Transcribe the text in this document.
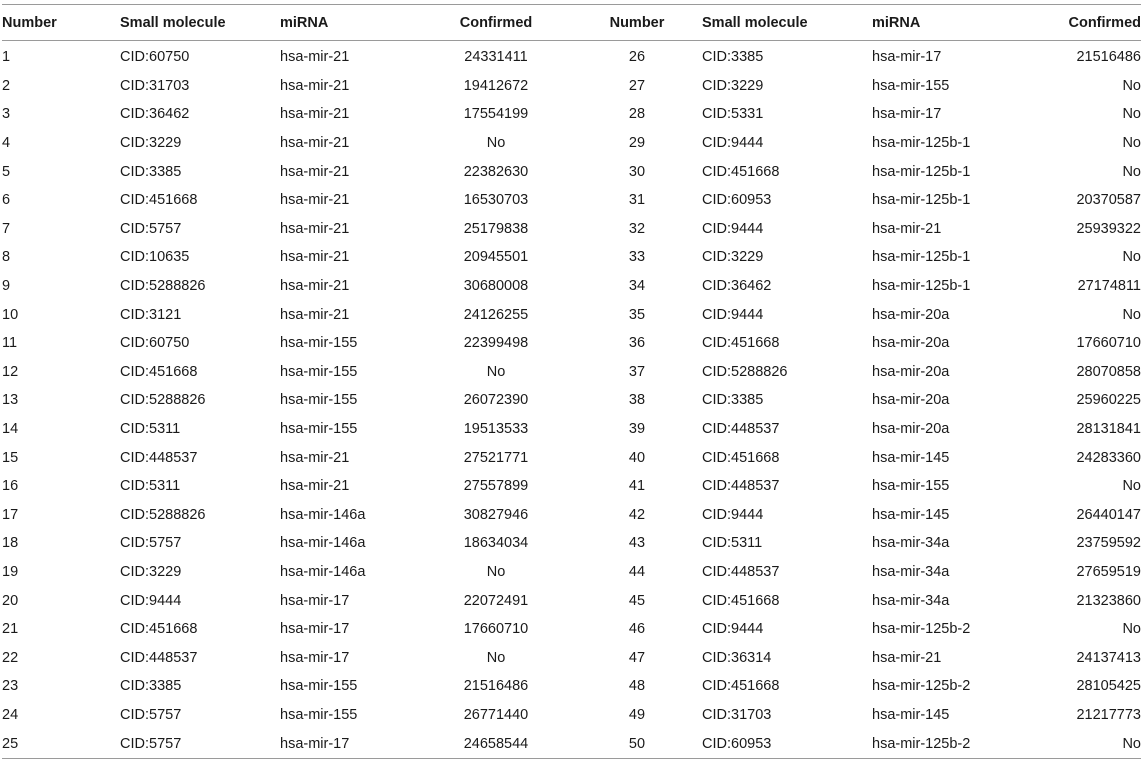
Number	Small molecule	miRNA	Confirmed	Number	Small molecule	miRNA	Confirmed
1	CID:60750	hsa-mir-21	24331411	26	CID:3385	hsa-mir-17	21516486
2	CID:31703	hsa-mir-21	19412672	27	CID:3229	hsa-mir-155	No
3	CID:36462	hsa-mir-21	17554199	28	CID:5331	hsa-mir-17	No
4	CID:3229	hsa-mir-21	No	29	CID:9444	hsa-mir-125b-1	No
5	CID:3385	hsa-mir-21	22382630	30	CID:451668	hsa-mir-125b-1	No
6	CID:451668	hsa-mir-21	16530703	31	CID:60953	hsa-mir-125b-1	20370587
7	CID:5757	hsa-mir-21	25179838	32	CID:9444	hsa-mir-21	25939322
8	CID:10635	hsa-mir-21	20945501	33	CID:3229	hsa-mir-125b-1	No
9	CID:5288826	hsa-mir-21	30680008	34	CID:36462	hsa-mir-125b-1	27174811
10	CID:3121	hsa-mir-21	24126255	35	CID:9444	hsa-mir-20a	No
11	CID:60750	hsa-mir-155	22399498	36	CID:451668	hsa-mir-20a	17660710
12	CID:451668	hsa-mir-155	No	37	CID:5288826	hsa-mir-20a	28070858
13	CID:5288826	hsa-mir-155	26072390	38	CID:3385	hsa-mir-20a	25960225
14	CID:5311	hsa-mir-155	19513533	39	CID:448537	hsa-mir-20a	28131841
15	CID:448537	hsa-mir-21	27521771	40	CID:451668	hsa-mir-145	24283360
16	CID:5311	hsa-mir-21	27557899	41	CID:448537	hsa-mir-155	No
17	CID:5288826	hsa-mir-146a	30827946	42	CID:9444	hsa-mir-145	26440147
18	CID:5757	hsa-mir-146a	18634034	43	CID:5311	hsa-mir-34a	23759592
19	CID:3229	hsa-mir-146a	No	44	CID:448537	hsa-mir-34a	27659519
20	CID:9444	hsa-mir-17	22072491	45	CID:451668	hsa-mir-34a	21323860
21	CID:451668	hsa-mir-17	17660710	46	CID:9444	hsa-mir-125b-2	No
22	CID:448537	hsa-mir-17	No	47	CID:36314	hsa-mir-21	24137413
23	CID:3385	hsa-mir-155	21516486	48	CID:451668	hsa-mir-125b-2	28105425
24	CID:5757	hsa-mir-155	26771440	49	CID:31703	hsa-mir-145	21217773
25	CID:5757	hsa-mir-17	24658544	50	CID:60953	hsa-mir-125b-2	No
